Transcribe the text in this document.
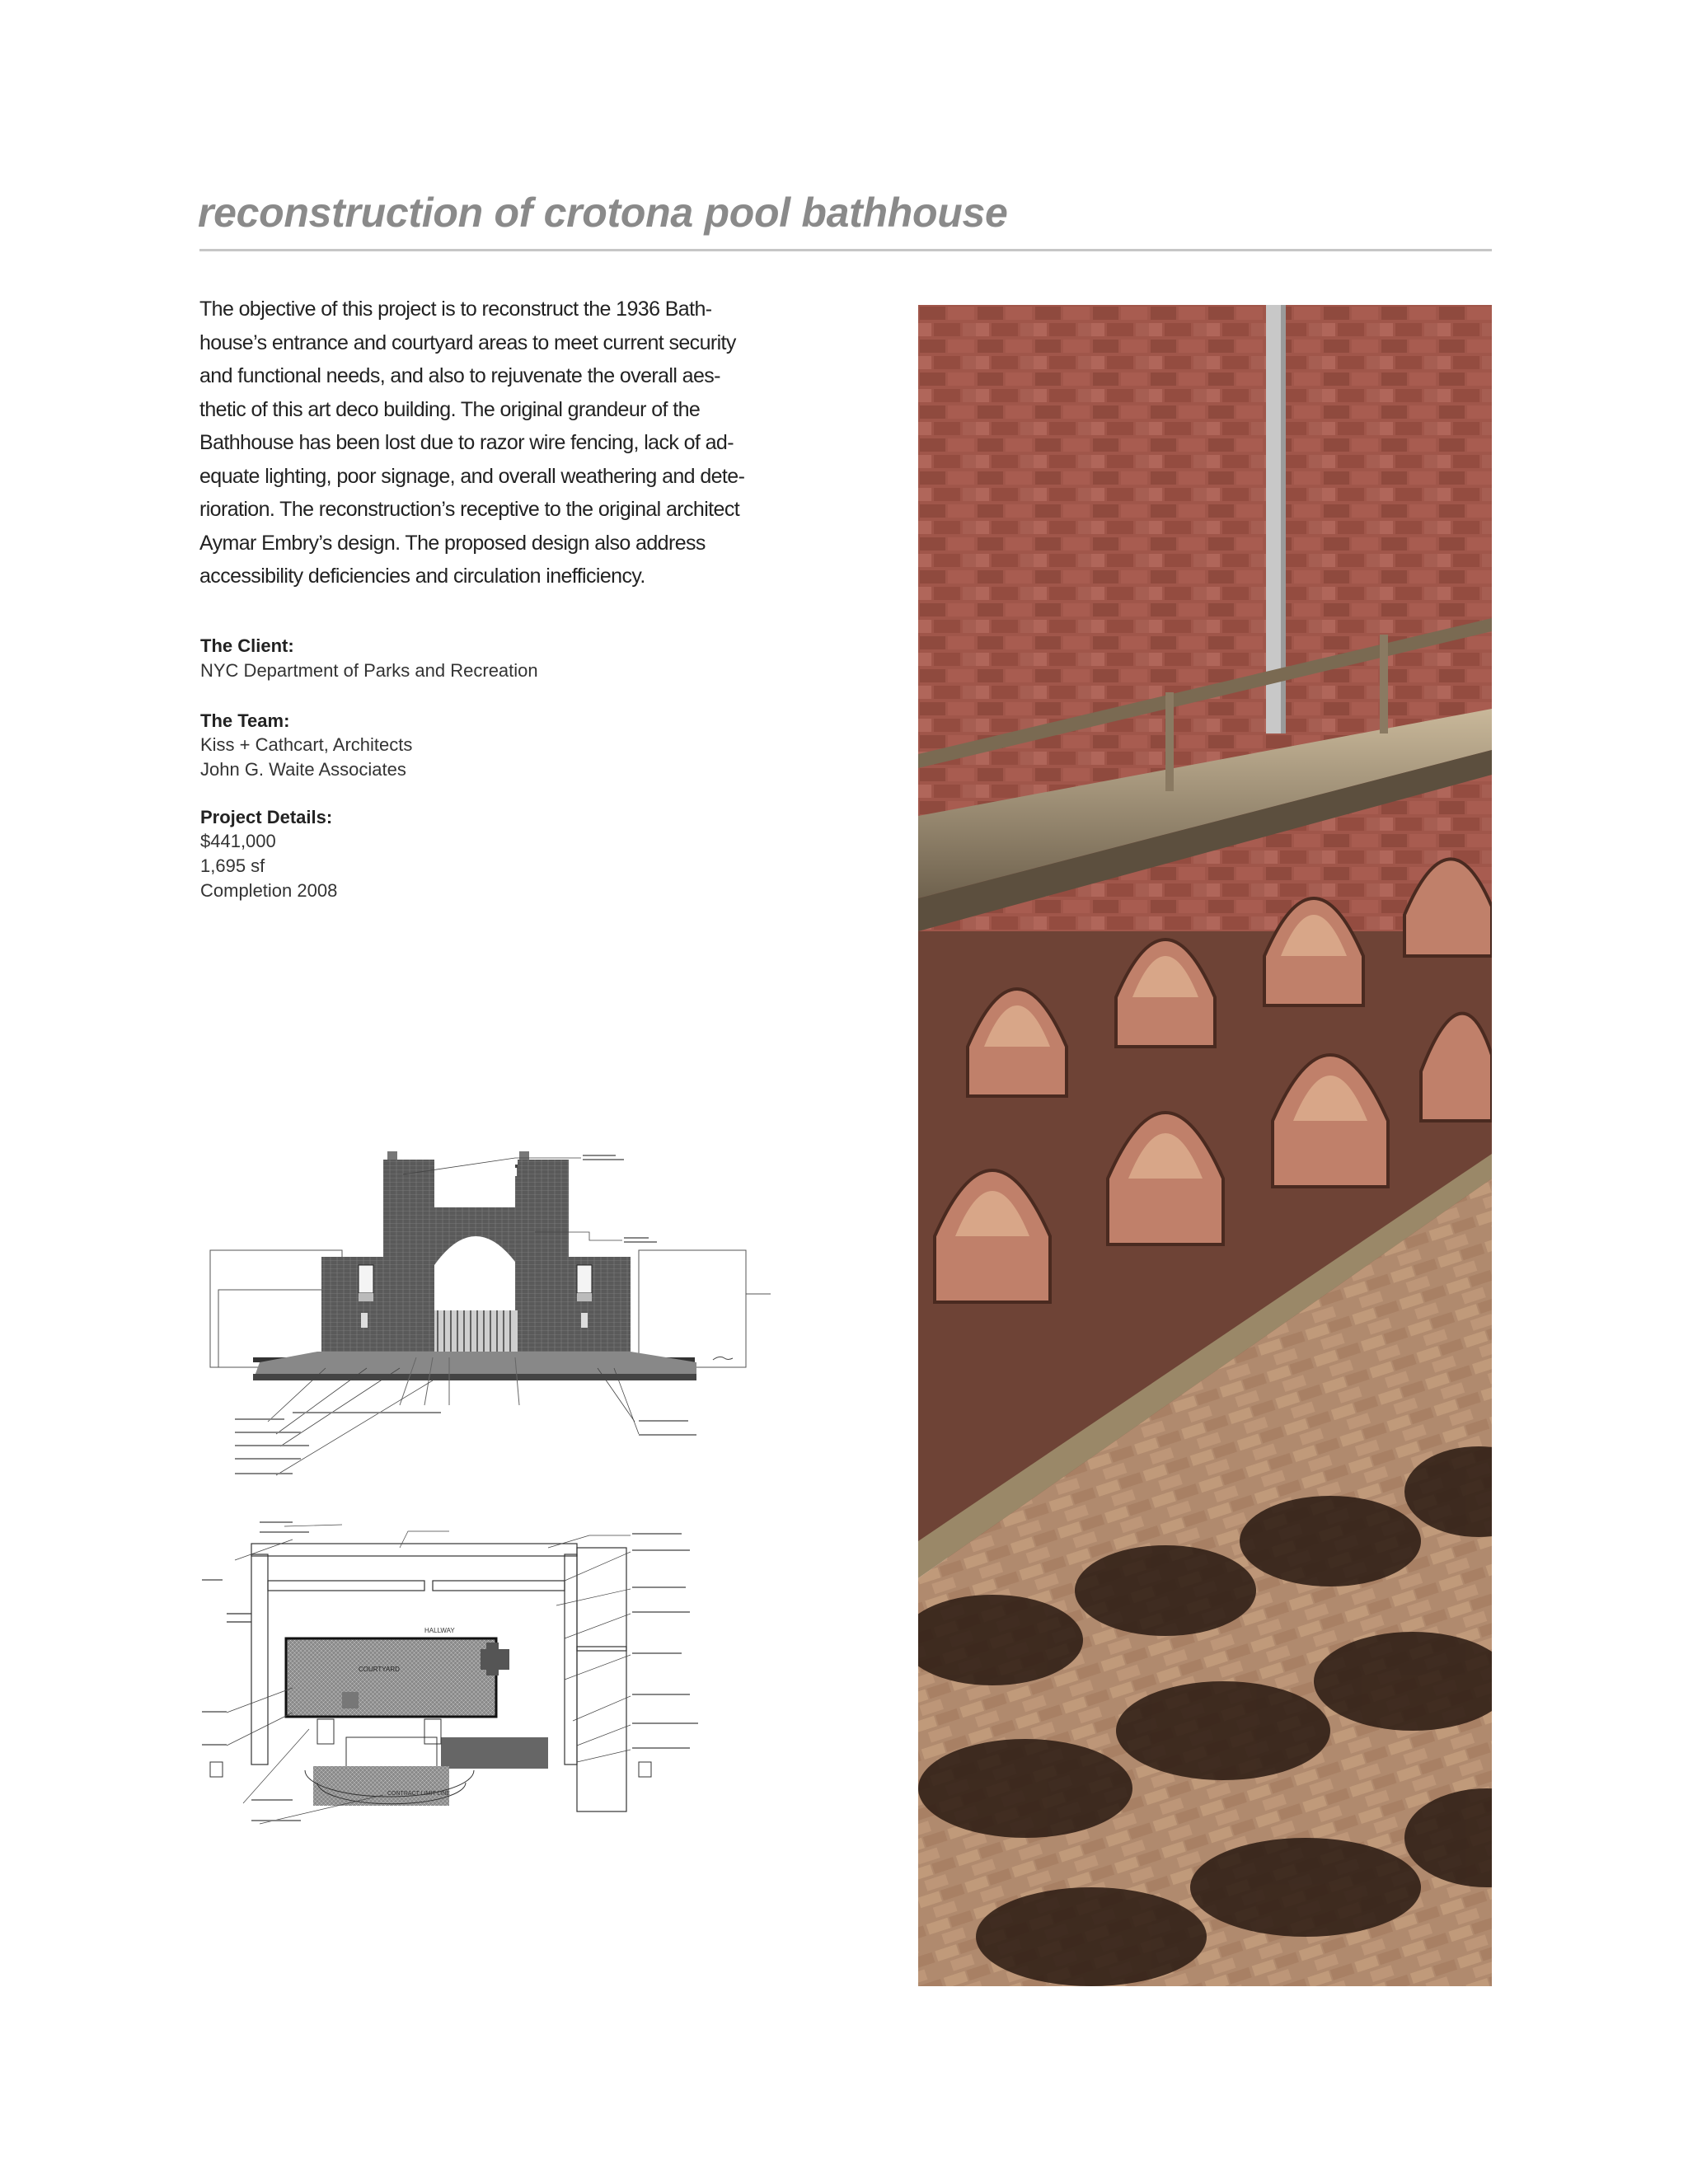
reconstruction of crotona pool bathhouse
The objective of this project is to reconstruct the 1936 Bath-
house’s entrance and courtyard areas to meet current security
and functional needs, and also to rejuvenate the overall aes-
thetic of this art deco building. The original grandeur of the
Bathhouse has been lost due to razor wire fencing, lack of ad-
equate lighting, poor signage, and overall weathering and dete-
rioration. The reconstruction’s receptive to the original architect
Aymar Embry’s design. The proposed design also address
accessibility deficiencies and circulation inefficiency.
The Client:
NYC Department of Parks and Recreation
The Team:
Kiss + Cathcart, Architects
John G. Waite Associates
Project Details:
$441,000
1,695 sf
Completion 2008
HALLWAY
COURTYARD
CONTRACT LIMIT LINE
